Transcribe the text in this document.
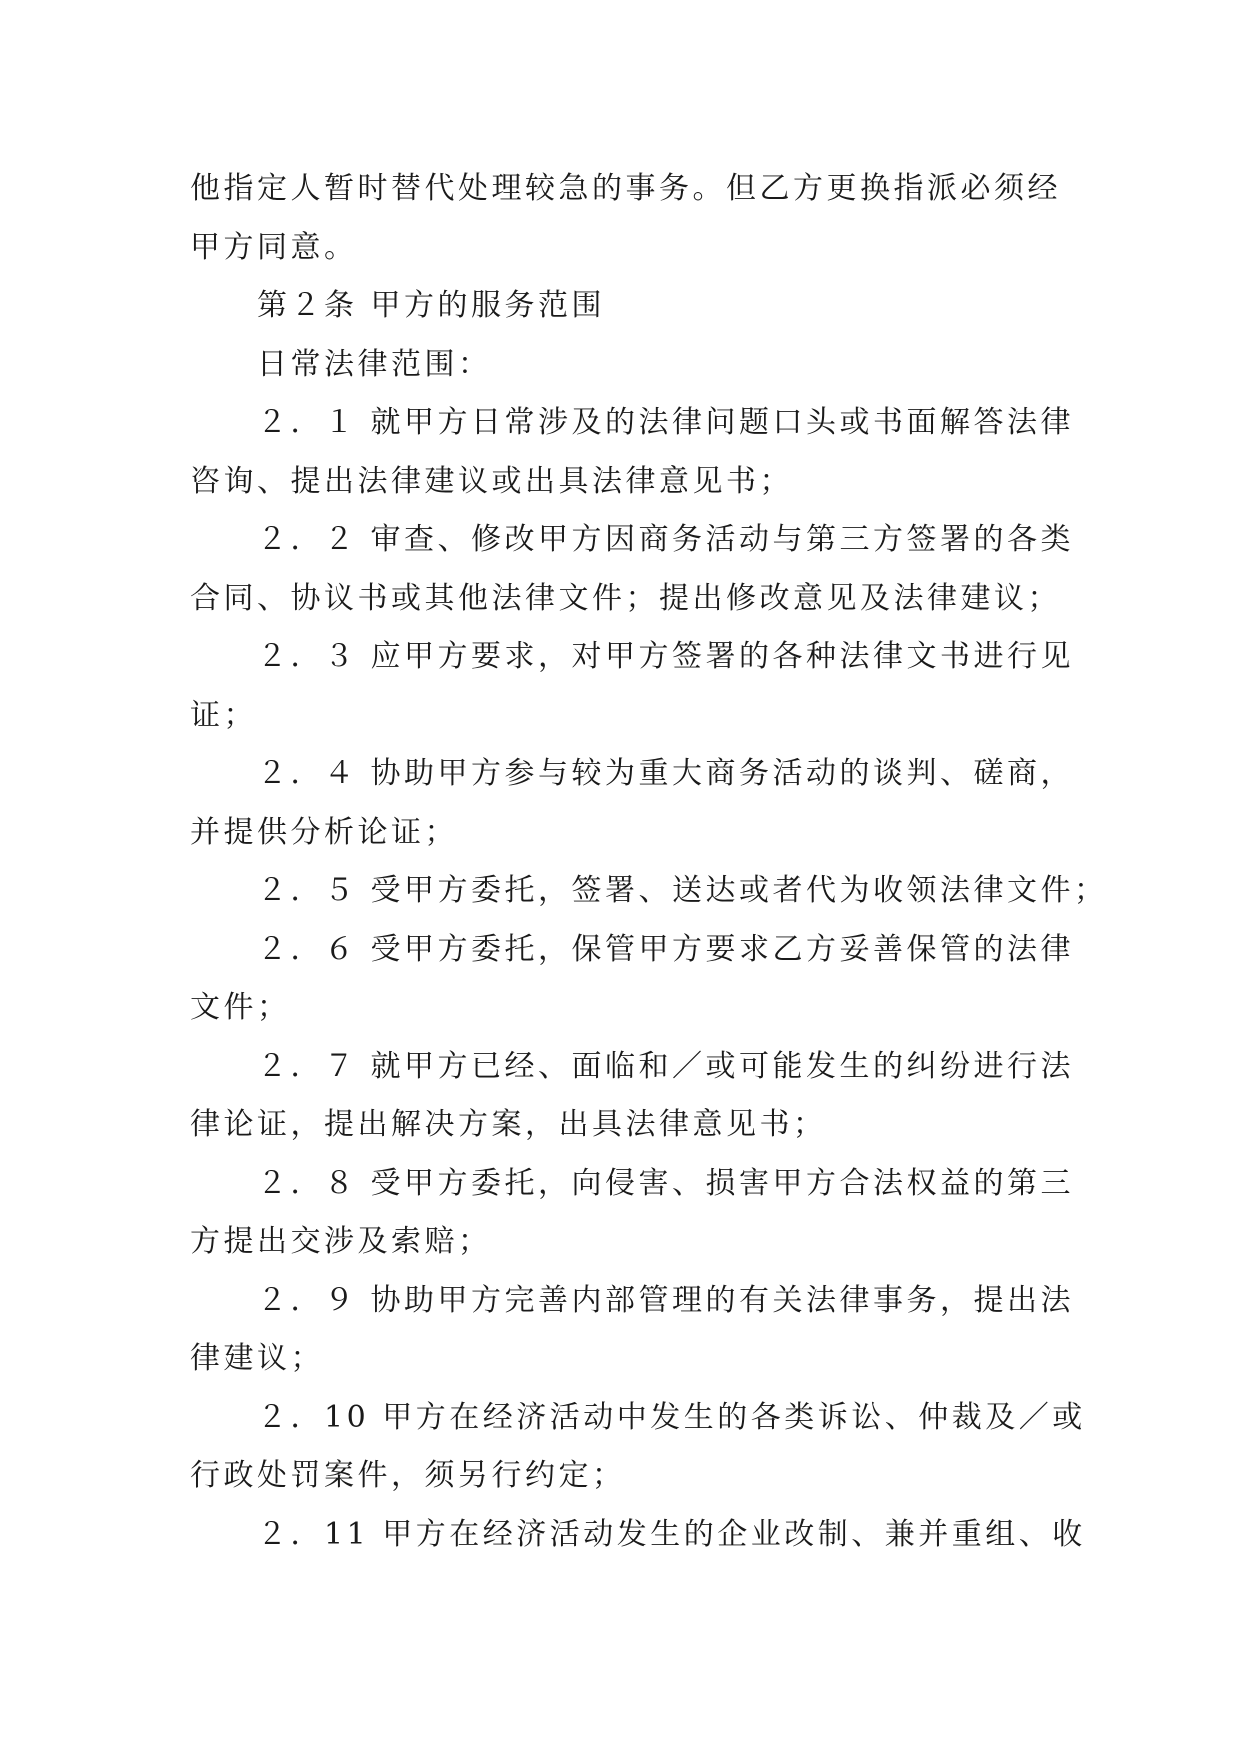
他指定人暂时替代处理较急的事务。但乙方更换指派必须经
甲方同意。
第２条 甲方的服务范围
日常法律范围：
２．１ 就甲方日常涉及的法律问题口头或书面解答法律
咨询、提出法律建议或出具法律意见书；
２．２ 审查、修改甲方因商务活动与第三方签署的各类
合同、协议书或其他法律文件；提出修改意见及法律建议；
２．３ 应甲方要求，对甲方签署的各种法律文书进行见
证；
２．４ 协助甲方参与较为重大商务活动的谈判、磋商，
并提供分析论证；
２．５ 受甲方委托，签署、送达或者代为收领法律文件；
２．６ 受甲方委托，保管甲方要求乙方妥善保管的法律
文件；
２．７ 就甲方已经、面临和／或可能发生的纠纷进行法
律论证，提出解决方案，出具法律意见书；
２．８ 受甲方委托，向侵害、损害甲方合法权益的第三
方提出交涉及索赔；
２．９ 协助甲方完善内部管理的有关法律事务，提出法
律建议；
２．10 甲方在经济活动中发生的各类诉讼、仲裁及／或
行政处罚案件，须另行约定；
２．11 甲方在经济活动发生的企业改制、兼并重组、收
